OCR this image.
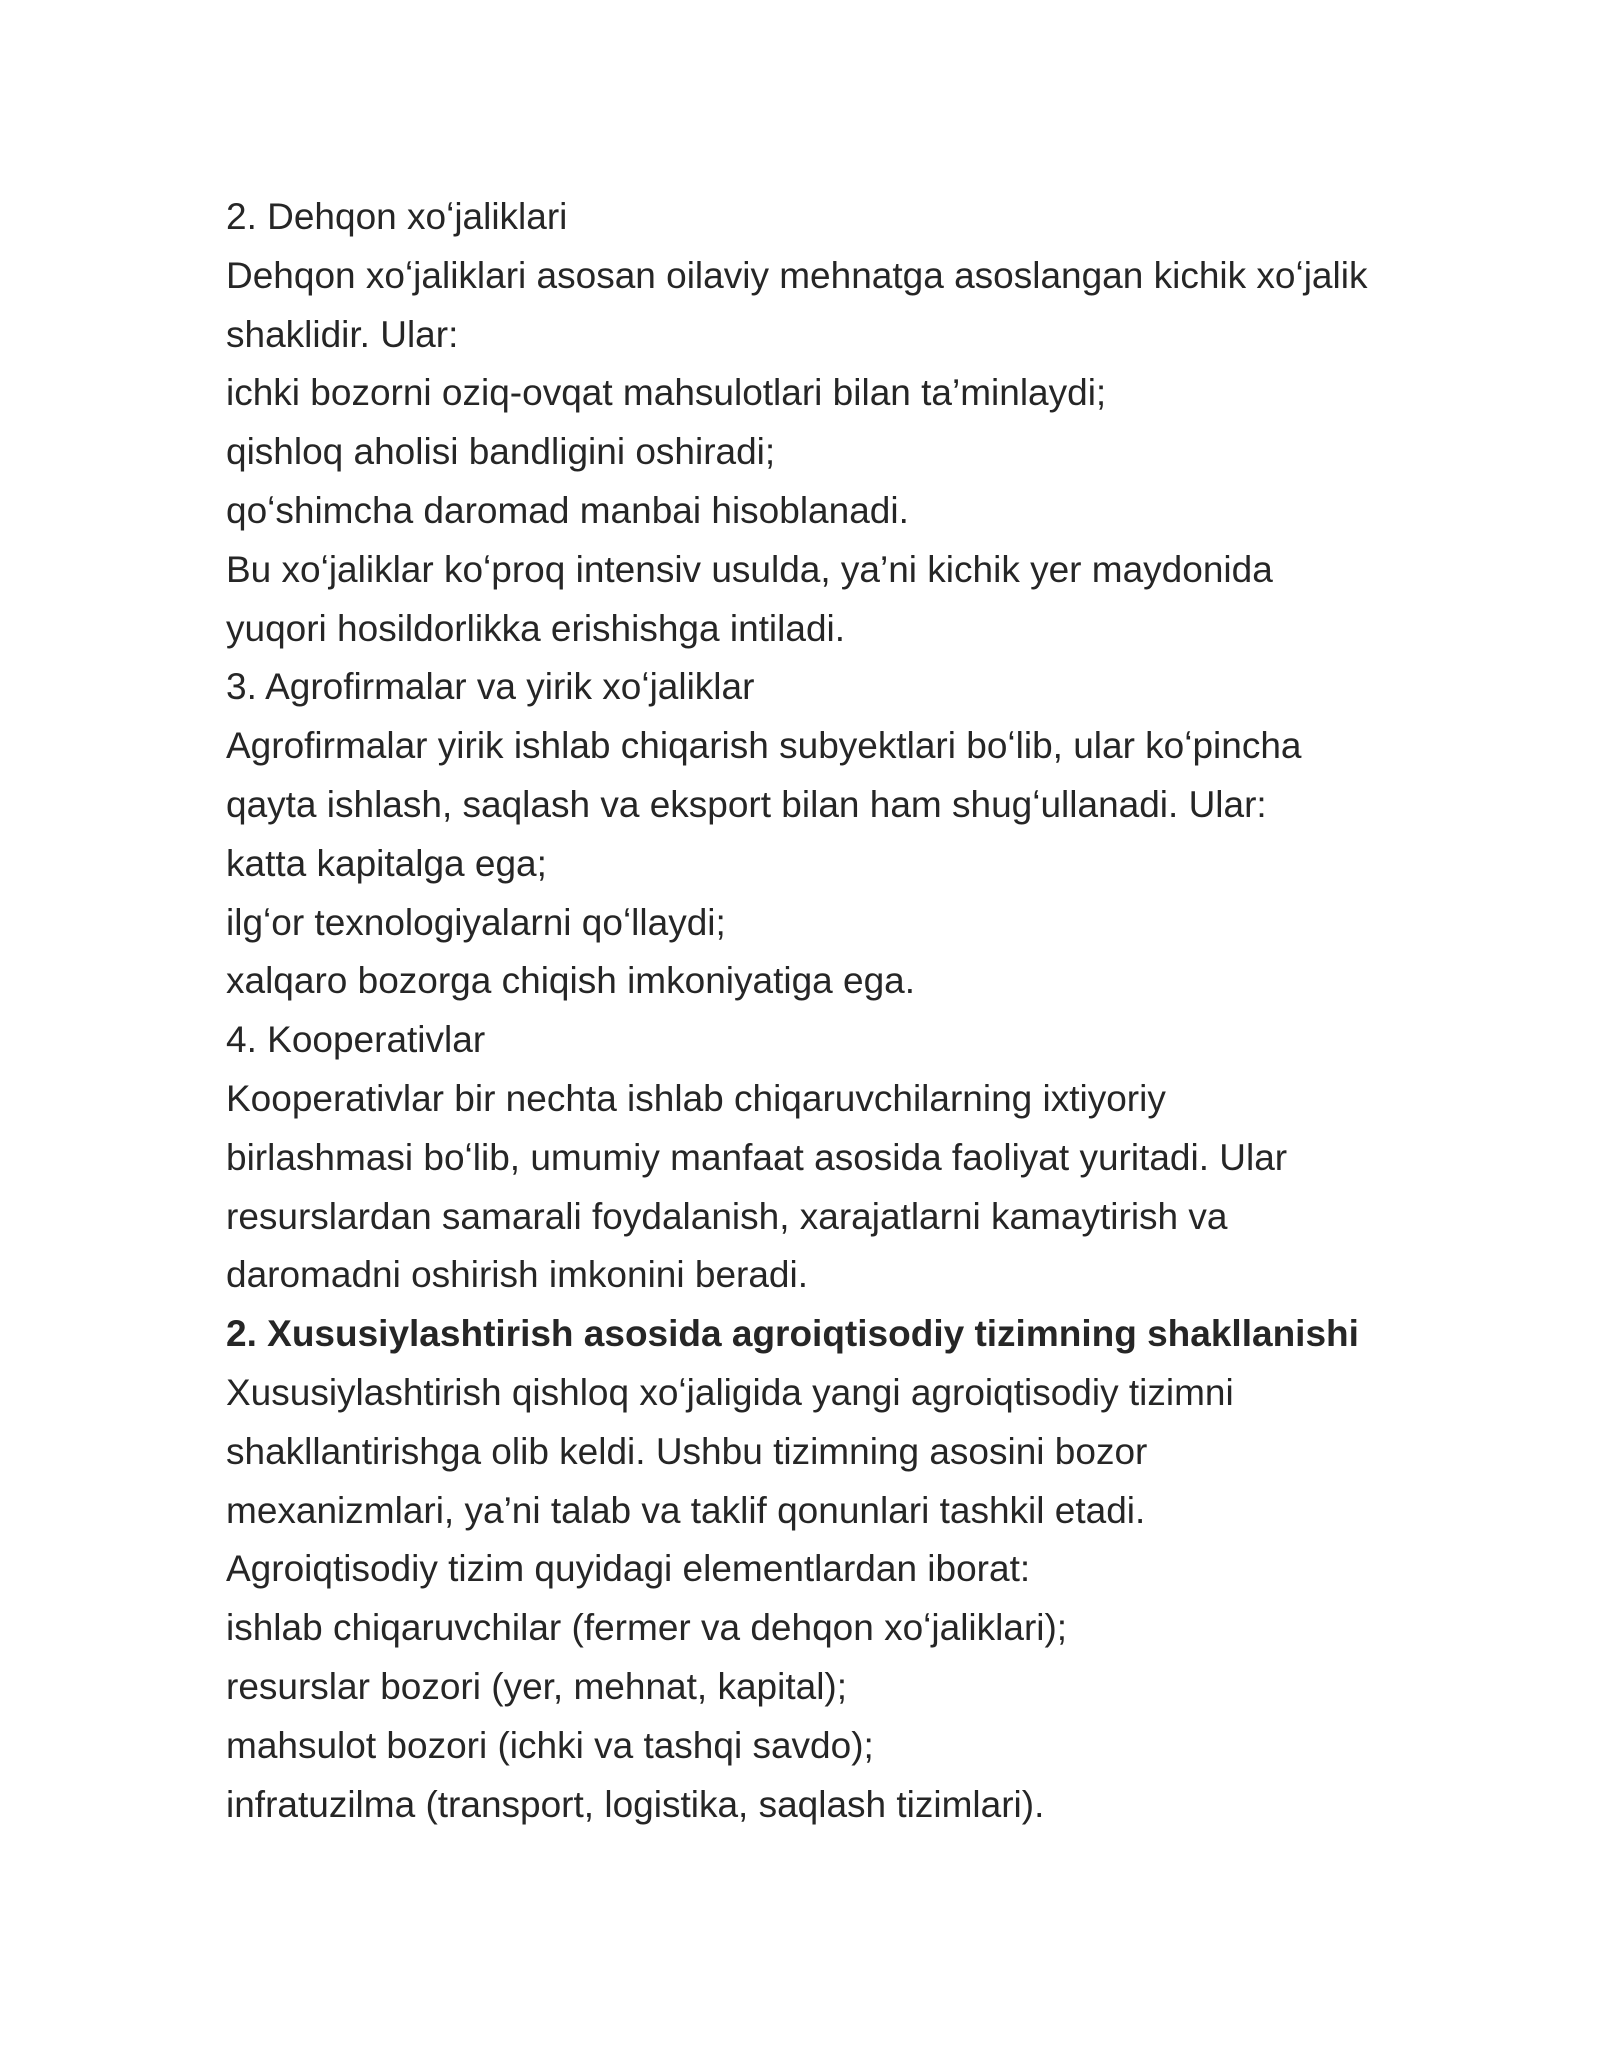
2. Dehqon xoʻjaliklari
Dehqon xoʻjaliklari asosan oilaviy mehnatga asoslangan kichik xoʻjalik
shaklidir. Ular:
ichki bozorni oziq-ovqat mahsulotlari bilan ta’minlaydi;
qishloq aholisi bandligini oshiradi;
qoʻshimcha daromad manbai hisoblanadi.
Bu xoʻjaliklar koʻproq intensiv usulda, ya’ni kichik yer maydonida
yuqori hosildorlikka erishishga intiladi.
3. Agrofirmalar va yirik xoʻjaliklar
Agrofirmalar yirik ishlab chiqarish subyektlari boʻlib, ular koʻpincha
qayta ishlash, saqlash va eksport bilan ham shugʻullanadi. Ular:
katta kapitalga ega;
ilgʻor texnologiyalarni qoʻllaydi;
xalqaro bozorga chiqish imkoniyatiga ega.
4. Kooperativlar
Kooperativlar bir nechta ishlab chiqaruvchilarning ixtiyoriy
birlashmasi boʻlib, umumiy manfaat asosida faoliyat yuritadi. Ular
resurslardan samarali foydalanish, xarajatlarni kamaytirish va
daromadni oshirish imkonini beradi.
2. Xususiylashtirish asosida agroiqtisodiy tizimning shakllanishi
Xususiylashtirish qishloq xoʻjaligida yangi agroiqtisodiy tizimni
shakllantirishga olib keldi. Ushbu tizimning asosini bozor
mexanizmlari, ya’ni talab va taklif qonunlari tashkil etadi.
Agroiqtisodiy tizim quyidagi elementlardan iborat:
ishlab chiqaruvchilar (fermer va dehqon xoʻjaliklari);
resurslar bozori (yer, mehnat, kapital);
mahsulot bozori (ichki va tashqi savdo);
infratuzilma (transport, logistika, saqlash tizimlari).
